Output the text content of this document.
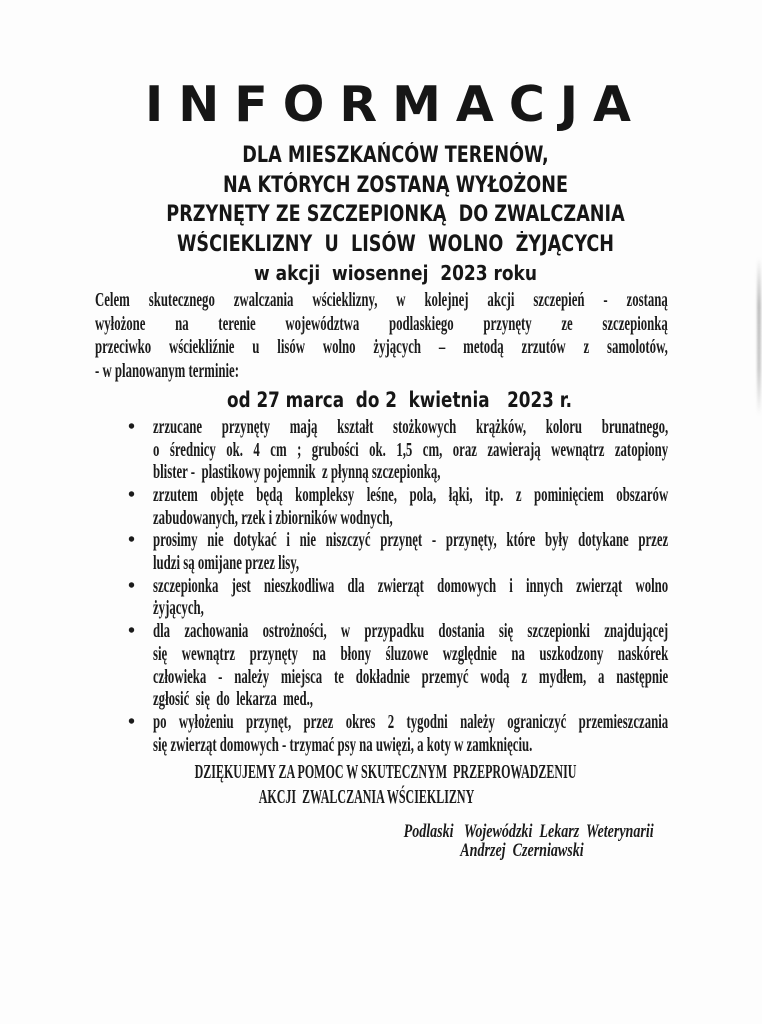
INFORMACJA
DLA MIESZKAŃCÓW TERENÓW,
NA KTÓRYCH ZOSTANĄ WYŁOŻONE
PRZYNĘTY ZE SZCZEPIONKĄ  DO ZWALCZANIA
WŚCIEKLIZNY  U  LISÓW  WOLNO  ŻYJĄCYCH
w akcji  wiosennej  2023 roku
Celem skutecznego zwalczania wścieklizny, w kolejnej akcji szczepień - zostaną
wyłożone na terenie województwa podlaskiego przynęty ze szczepionką
przeciwko wściekliźnie u lisów wolno żyjących – metodą zrzutów z samolotów,
- w planowanym terminie:
od 27 marca  do 2  kwietnia   2023 r.
• zrzucane przynęty mają kształt stożkowych krążków, koloru brunatnego,
o średnicy ok. 4 cm ; grubości ok. 1,5 cm, oraz zawierają wewnątrz zatopiony
blister -  plastikowy pojemnik  z płynną szczepionką,
• zrzutem objęte będą kompleksy leśne, pola, łąki, itp. z pominięciem obszarów
zabudowanych, rzek i zbiorników wodnych,
• prosimy nie dotykać i nie niszczyć przynęt - przynęty, które były dotykane przez
ludzi są omijane przez lisy,
• szczepionka jest nieszkodliwa dla zwierząt domowych i innych zwierząt wolno
żyjących,
• dla zachowania ostrożności, w przypadku dostania się szczepionki znajdującej
się wewnątrz przynęty na błony śluzowe względnie na uszkodzony naskórek
człowieka - należy miejsca te dokładnie przemyć wodą z mydłem, a następnie
zgłosić  się  do  lekarza  med.,
• po wyłożeniu przynęt, przez okres 2 tygodni należy ograniczyć przemieszczania
się zwierząt domowych - trzymać psy na uwięzi, a koty w zamknięciu.
DZIĘKUJEMY ZA POMOC W SKUTECZNYM  PRZEPROWADZENIU
AKCJI  ZWALCZANIA WŚCIEKLIZNY
Podlaski   Wojewódzki  Lekarz  Weterynarii
Andrzej  Czerniawski
